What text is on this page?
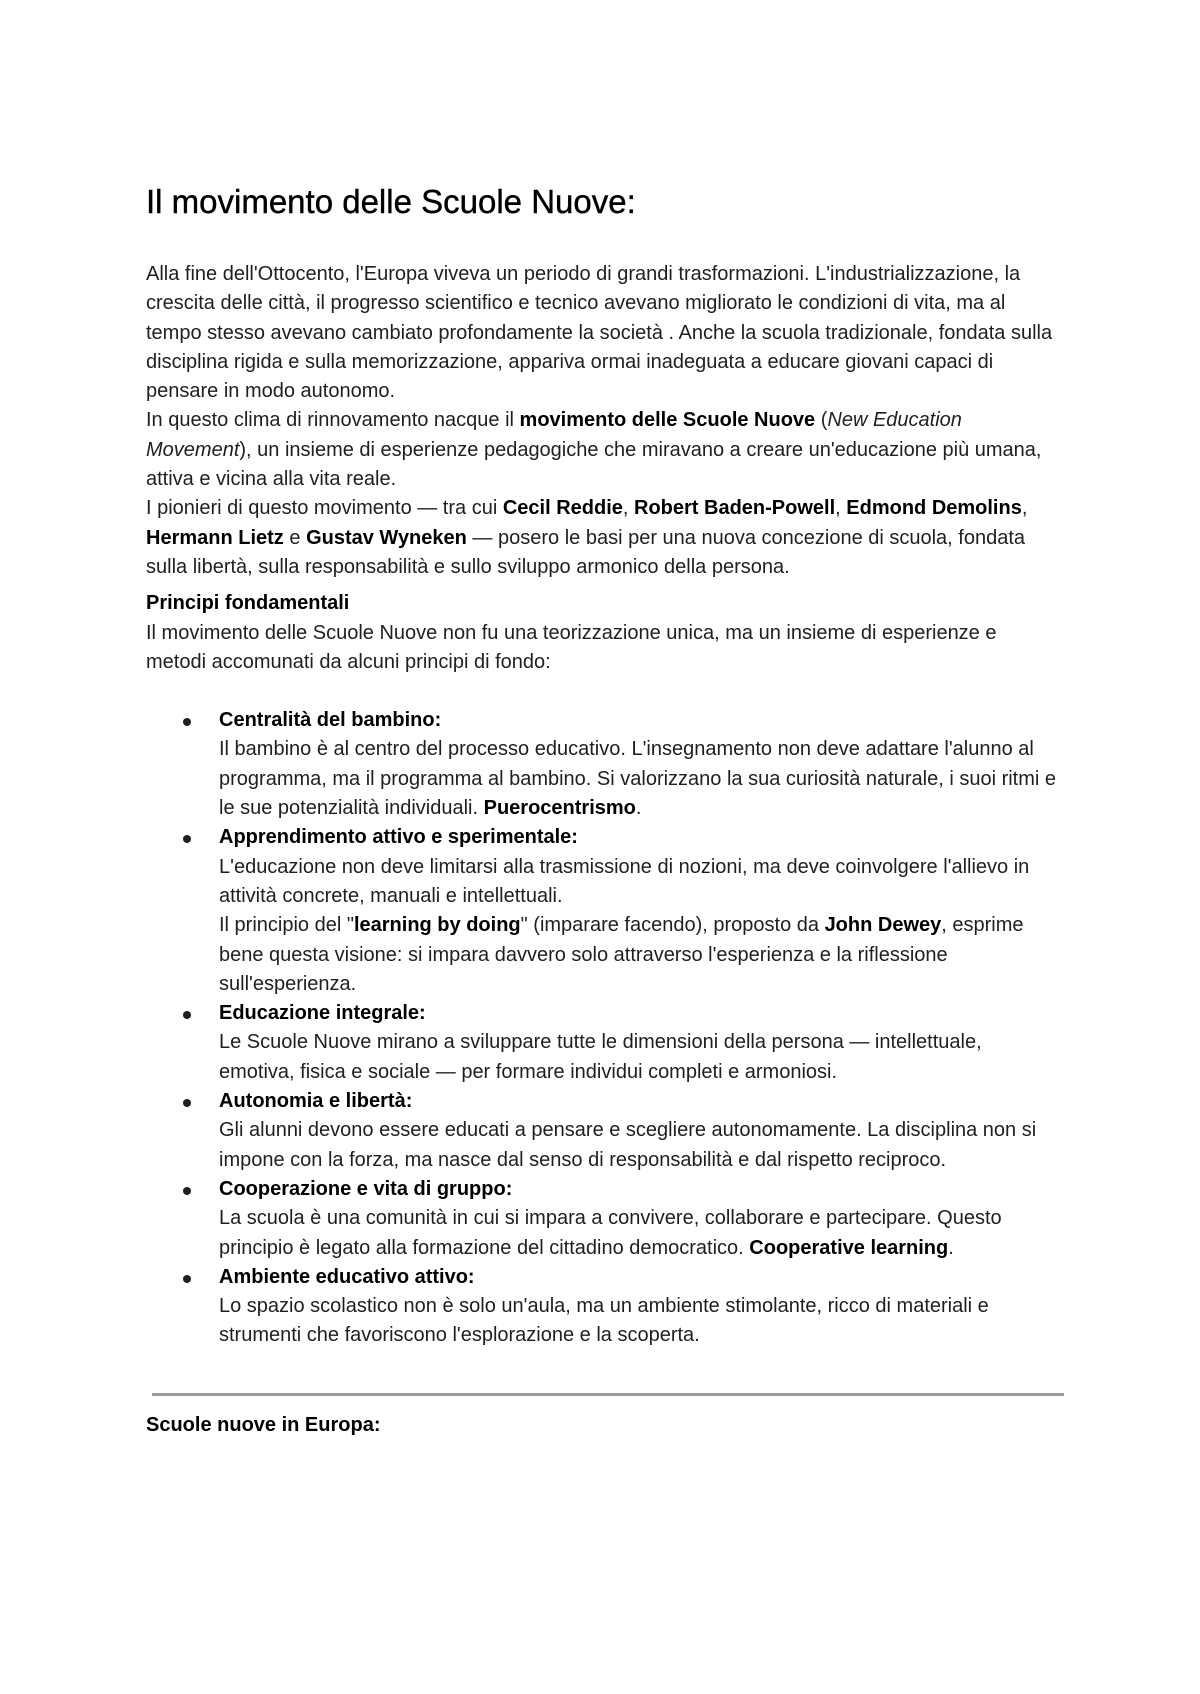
Il movimento delle Scuole Nuove:

Alla fine dell'Ottocento, l'Europa viveva un periodo di grandi trasformazioni. L'industrializzazione, la crescita delle città, il progresso scientifico e tecnico avevano migliorato le condizioni di vita, ma al tempo stesso avevano cambiato profondamente la società . Anche la scuola tradizionale, fondata sulla disciplina rigida e sulla memorizzazione, appariva ormai inadeguata a educare giovani capaci di pensare in modo autonomo.
In questo clima di rinnovamento nacque il movimento delle Scuole Nuove (New Education Movement), un insieme di esperienze pedagogiche che miravano a creare un'educazione più umana, attiva e vicina alla vita reale.
I pionieri di questo movimento — tra cui Cecil Reddie, Robert Baden-Powell, Edmond Demolins, Hermann Lietz e Gustav Wyneken — posero le basi per una nuova concezione di scuola, fondata sulla libertà, sulla responsabilità e sullo sviluppo armonico della persona.

Principi fondamentali

Il movimento delle Scuole Nuove non fu una teorizzazione unica, ma un insieme di esperienze e metodi accomunati da alcuni principi di fondo:

Centralità del bambino:
Il bambino è al centro del processo educativo. L'insegnamento non deve adattare l'alunno al programma, ma il programma al bambino. Si valorizzano la sua curiosità naturale, i suoi ritmi e le sue potenzialità individuali. Puerocentrismo.
Apprendimento attivo e sperimentale:
L'educazione non deve limitarsi alla trasmissione di nozioni, ma deve coinvolgere l'allievo in attività concrete, manuali e intellettuali.
Il principio del "learning by doing" (imparare facendo), proposto da John Dewey, esprime bene questa visione: si impara davvero solo attraverso l'esperienza e la riflessione sull'esperienza.
Educazione integrale:
Le Scuole Nuove mirano a sviluppare tutte le dimensioni della persona — intellettuale, emotiva, fisica e sociale — per formare individui completi e armoniosi.
Autonomia e libertà:
Gli alunni devono essere educati a pensare e scegliere autonomamente. La disciplina non si impone con la forza, ma nasce dal senso di responsabilità e dal rispetto reciproco.
Cooperazione e vita di gruppo:
La scuola è una comunità in cui si impara a convivere, collaborare e partecipare. Questo principio è legato alla formazione del cittadino democratico. Cooperative learning.
Ambiente educativo attivo:
Lo spazio scolastico non è solo un'aula, ma un ambiente stimolante, ricco di materiali e strumenti che favoriscono l'esplorazione e la scoperta.
Scuole nuove in Europa:
